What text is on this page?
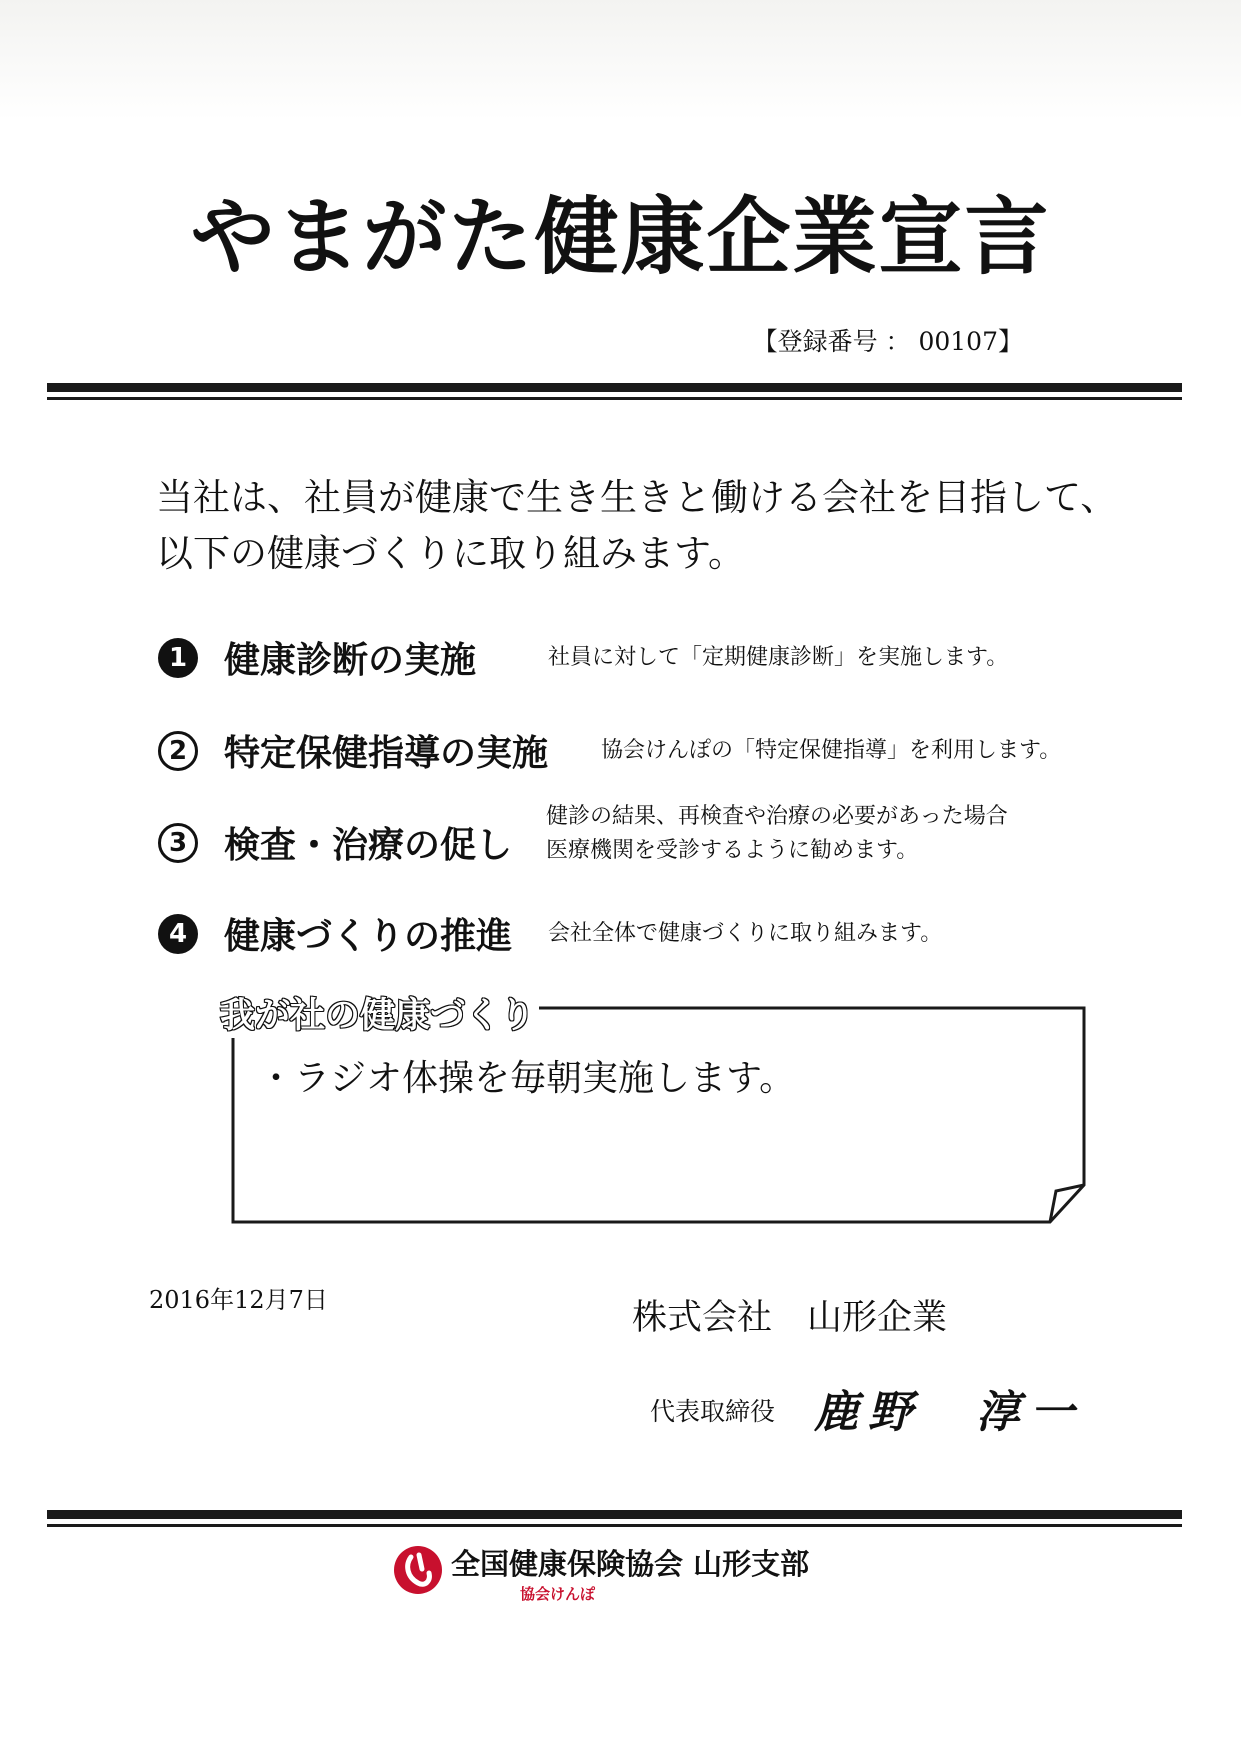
やまがた健康企業宣言
【登録番号 ： 00107】
当社は、社員が健康で生き生きと働ける会社を目指して、
以下の健康づくりに取り組みます。
1	健康診断の実施	社員に対して「定期健康診断」を実施します。
2	特定保健指導の実施 協会けんぽの「特定保健指導」を利用します。
3	検査・治療の促し
健診の結果、再検査や治療の必要があった場合
医療機関を受診するように勧めます。
4	健康づくりの推進 会社全体で健康づくりに取り組みます。
我が社の健康づくり
・ラジオ体操を毎朝実施します。
2016年12月7日	株式会社　山形企業
代表取締役 鹿野　淳一
全国健康保険協会 山形支部
協会けんぽ
